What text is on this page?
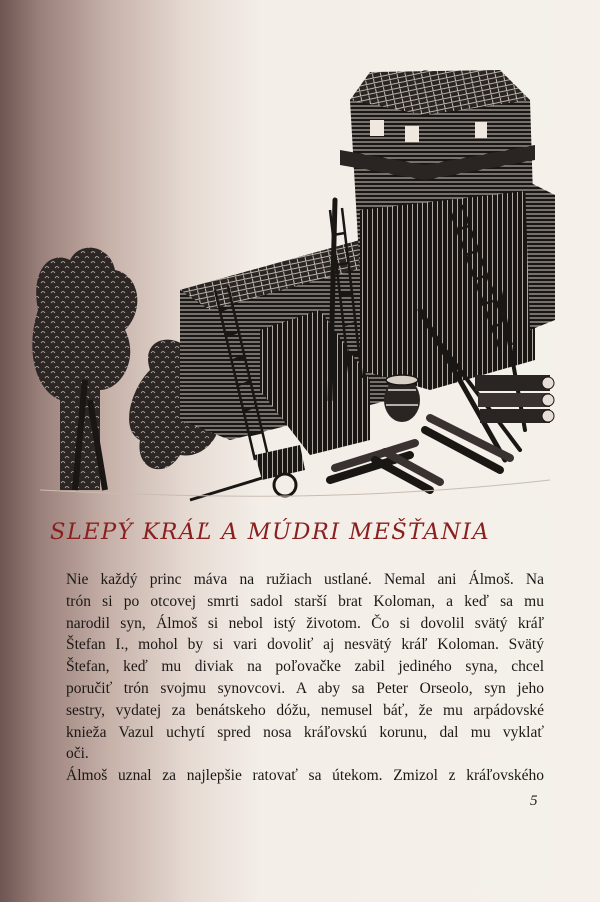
SLEPÝ KRÁĽ A MÚDRI MEŠŤANIA
Nie každý princ máva na ružiach ustlané. Nemal ani Álmoš. Na
trón si po otcovej smrti sadol starší brat Koloman, a keď sa mu
narodil syn, Álmoš si nebol istý životom. Čo si dovolil svätý kráľ
Štefan I., mohol by si vari dovoliť aj nesvätý kráľ Koloman. Svätý
Štefan, keď mu diviak na poľovačke zabil jediného syna, chcel
poručiť trón svojmu synovcovi. A aby sa Peter Orseolo, syn jeho
sestry, vydatej za benátskeho dóžu, nemusel báť, že mu arpádovské
knieža Vazul uchytí spred nosa kráľovskú korunu, dal mu vyklať
oči.
Álmoš uznal za najlepšie ratovať sa útekom. Zmizol z kráľovského
5
